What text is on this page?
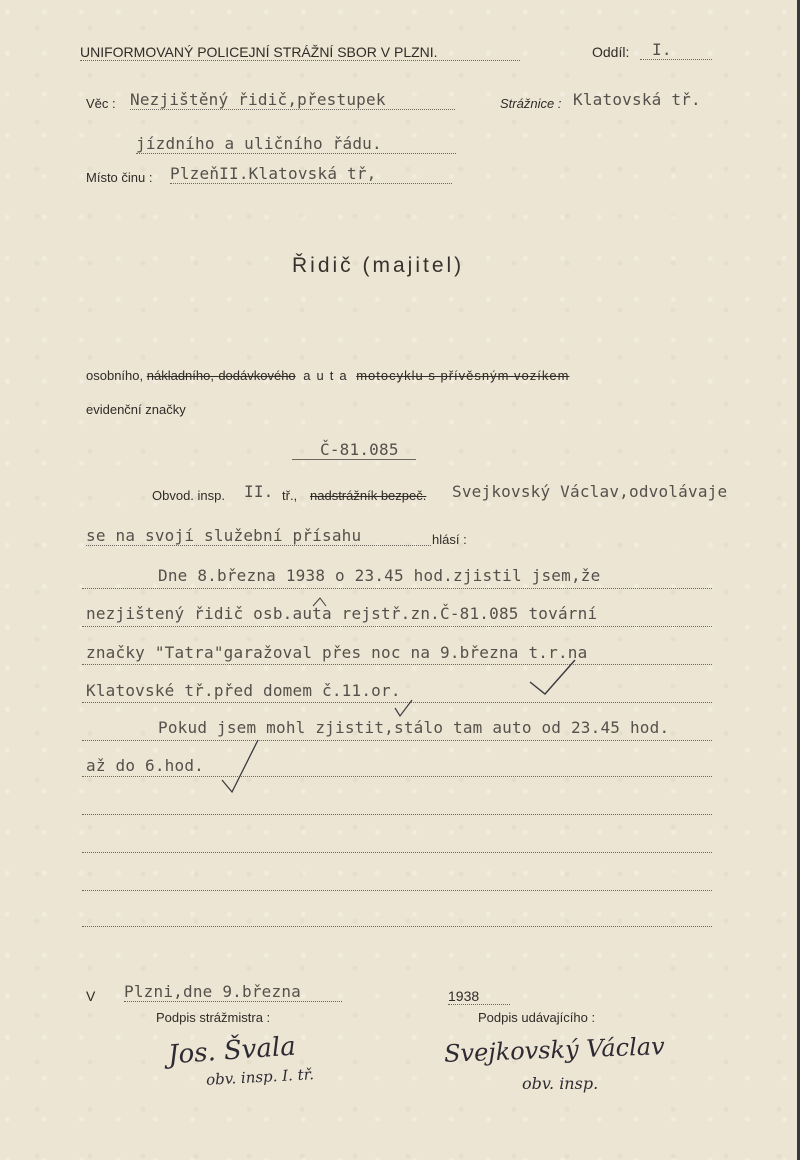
UNIFORMOVANÝ POLICEJNÍ STRÁŽNÍ SBOR V PLZNI.	Oddíl:	I.
Věc : Nezjištěný řidič,přestupek	Strážnice : Klatovská tř.
jízdního a uličního řádu.
Místo činu : PlzeňII.Klatovská tř,
Řidič (majitel)
osobního, nákladního,-dodávkového auta motocyklu s přívěsným vozíkem
evidenční značky
Č-81.085
Obvod. insp. II. tř., nadstrážník bezpeč. Svejkovský Václav,odvolávaje
se na svojí služební přísahu	hlásí :
Dne 8.března 1938 o 23.45 hod.zjistil jsem,že
nezjištený řidič osb.auta rejstř.zn.Č-81.085 tovární
značky "Tatra"garažoval přes noc na 9.března t.r.na
Klatovské tř.před domem č.11.or.
Pokud jsem mohl zjistit,stálo tam auto od 23.45 hod.
až do 6.hod.
V Plzni,dne 9.března	1938
Podpis strážmistra :	Podpis udávajícího :
Jos. Švala
obv. insp. I. tř.
Svejkovský Václav
obv. insp.
